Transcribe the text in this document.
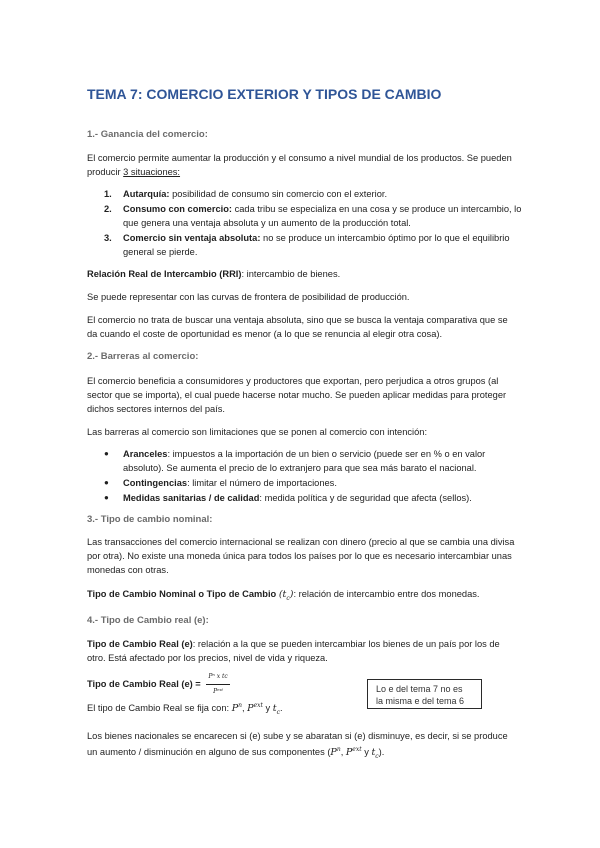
TEMA 7: COMERCIO EXTERIOR Y TIPOS DE CAMBIO
1.- Ganancia del comercio:
El comercio permite aumentar la producción y el consumo a nivel mundial de los productos. Se pueden producir 3 situaciones:
1. Autarquía: posibilidad de consumo sin comercio con el exterior.
2. Consumo con comercio: cada tribu se especializa en una cosa y se produce un intercambio, lo que genera una ventaja absoluta y un aumento de la producción total.
3. Comercio sin ventaja absoluta: no se produce un intercambio óptimo por lo que el equilibrio general se pierde.
Relación Real de Intercambio (RRI): intercambio de bienes.
Se puede representar con las curvas de frontera de posibilidad de producción.
El comercio no trata de buscar una ventaja absoluta, sino que se busca la ventaja comparativa que se da cuando el coste de oportunidad es menor (a lo que se renuncia al elegir otra cosa).
2.- Barreras al comercio:
El comercio beneficia a consumidores y productores que exportan, pero perjudica a otros grupos (al sector que se importa), el cual puede hacerse notar mucho. Se pueden aplicar medidas para proteger dichos sectores internos del país.
Las barreras al comercio son limitaciones que se ponen al comercio con intención:
● Aranceles: impuestos a la importación de un bien o servicio (puede ser en % o en valor absoluto). Se aumenta el precio de lo extranjero para que sea más barato el nacional.
● Contingencias: limitar el número de importaciones.
● Medidas sanitarias / de calidad: medida política y de seguridad que afecta (sellos).
3.- Tipo de cambio nominal:
Las transacciones del comercio internacional se realizan con dinero (precio al que se cambia una divisa por otra). No existe una moneda única para todos los países por lo que es necesario intercambiar unas monedas con otras.
Tipo de Cambio Nominal o Tipo de Cambio $(t_c)$: relación de intercambio entre dos monedas.
4.- Tipo de Cambio real (e):
Tipo de Cambio Real (e): relación a la que se pueden intercambiar los bienes de un país por los de otro. Está afectado por los precios, nivel de vida y riqueza.
Tipo de Cambio Real $(e) = \frac{\text{Pⁿ x tc}}{\text{Pᵉˣᵗ}}$
El tipo de Cambio Real se fija con: $P^n$, $P^{ext}$ y $t_c$.
Lo e del tema 7 no es
la misma e del tema 6
Los bienes nacionales se encarecen si (e) sube y se abaratan si (e) disminuye, es decir, si se produce un aumento / disminución en alguno de sus componentes ($P^n$, $P^{ext}$ y $t_c$).
